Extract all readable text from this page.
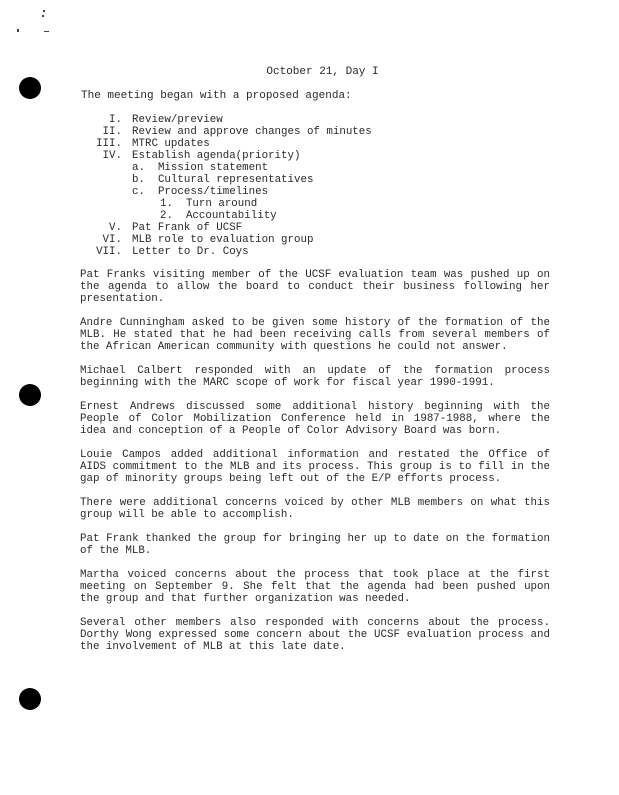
October 21, Day I
The meeting began with a proposed agenda:
I. Review/preview
II. Review and approve changes of minutes
III. MTRC updates
IV. Establish agenda(priority)
a.
Mission statement
b.
Cultural representatives
c.
Process/timelines
1.
Turn around
2.
Accountability
V. Pat Frank of UCSF
VI. MLB role to evaluation group
VII. Letter to Dr. Coys

Pat Franks visiting member of the UCSF evaluation team was pushed up on the agenda to allow the board to conduct their business following her presentation.

Andre Cunningham asked to be given some history of the formation of the MLB. He stated that he had been receiving calls from several members of the African American community with questions he could not answer.

Michael Calbert responded with an update of the formation process beginning with the MARC scope of work for fiscal year 1990-1991.

Ernest Andrews discussed some additional history beginning with the People of Color Mobilization Conference held in 1987-1988, where the idea and conception of a People of Color Advisory Board was born.

Louie Campos added additional information and restated the Office of AIDS commitment to the MLB and its process. This group is to fill in the gap of minority groups being left out of the E/P efforts process.

There were additional concerns voiced by other MLB members on what this group will be able to accomplish.

Pat Frank thanked the group for bringing her up to date on the formation of the MLB.

Martha voiced concerns about the process that took place at the first meeting on September 9. She felt that the agenda had been pushed upon the group and that further organization was needed.

Several other members also responded with concerns about the process. Dorthy Wong expressed some concern about the UCSF evaluation process and the involvement of MLB at this late date.
